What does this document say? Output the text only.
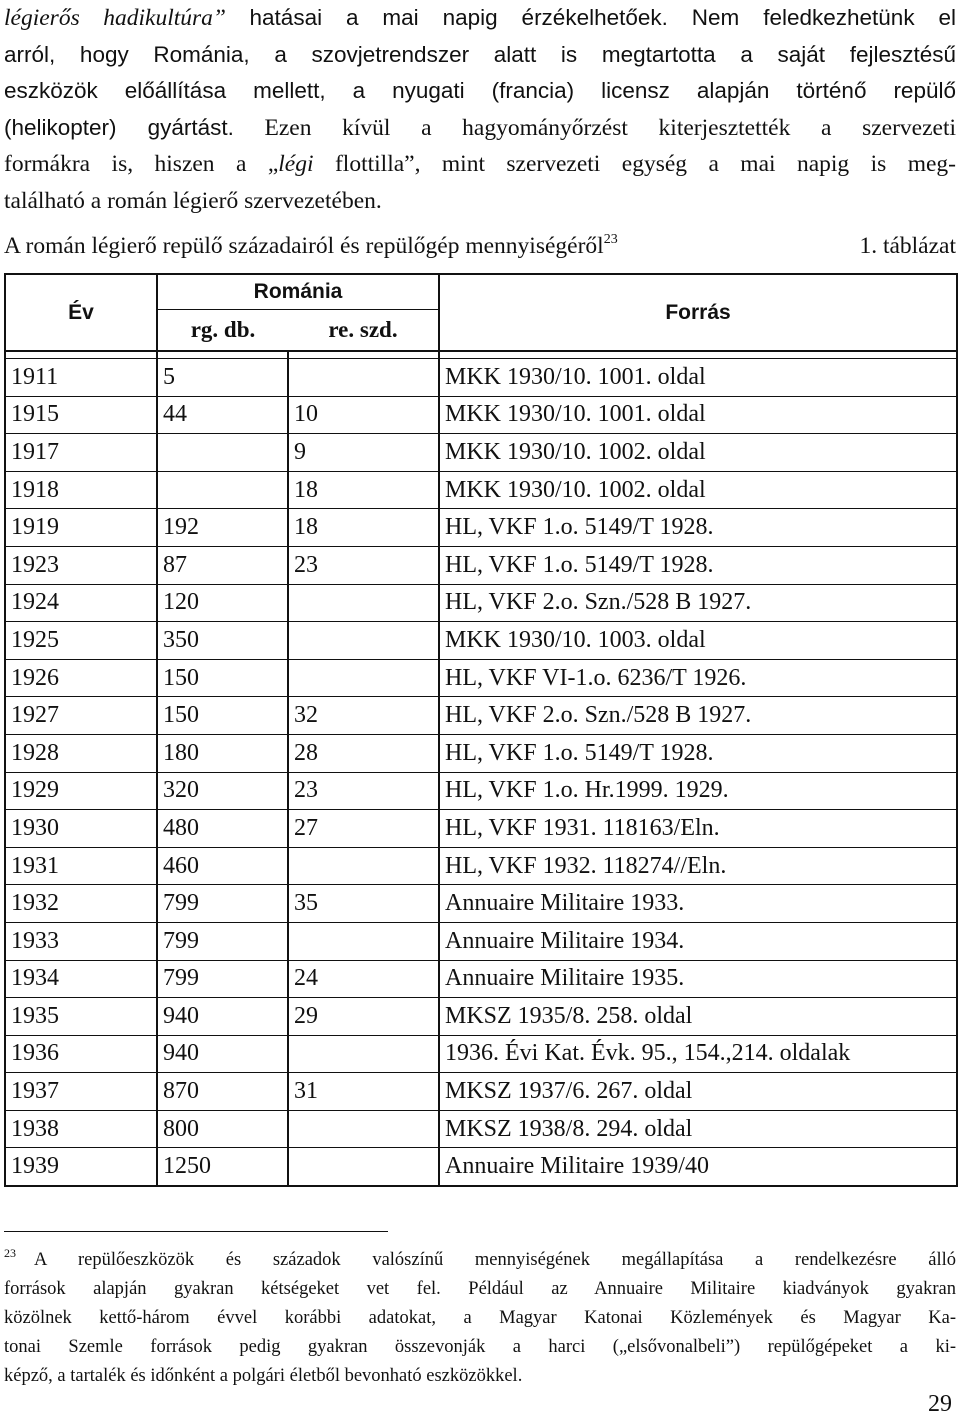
légierős hadikultúra” hatásai a mai napig érzékelhetőek. Nem feledkezhetünk el
arról, hogy Románia, a szovjetrendszer alatt is megtartotta a saját fejlesztésű
eszközök előállítása mellett, a nyugati (francia) licensz alapján történő repülő
(helikopter) gyártást. Ezen kívül a hagyományőrzést kiterjesztették a szervezeti
formákra is, hiszen a „légi flottilla”, mint szervezeti egység a mai napig is meg-
található a román légierő szervezetében.

A román légierő repülő századairól és repülőgép mennyiségéről$^{23}$	1. táblázat
Év	Románia		Forrás
	rg. db.	re. szd.	

1911	5		MKK 1930/10. 1001. oldal
1915	44	10	MKK 1930/10. 1001. oldal
1917		9	MKK 1930/10. 1002. oldal
1918		18	MKK 1930/10. 1002. oldal
1919	192	18	HL, VKF 1.o. 5149/T 1928.
1923	87	23	HL, VKF 1.o. 5149/T 1928.
1924	120		HL, VKF 2.o. Szn./528 B 1927.
1925	350		MKK 1930/10. 1003. oldal
1926	150		HL, VKF VI-1.o. 6236/T 1926.
1927	150	32	HL, VKF 2.o. Szn./528 B 1927.
1928	180	28	HL, VKF 1.o. 5149/T 1928.
1929	320	23	HL, VKF 1.o. Hr.1999. 1929.
1930	480	27	HL, VKF 1931. 118163/Eln.
1931	460		HL, VKF 1932. 118274//Eln.
1932	799	35	Annuaire Militaire 1933.
1933	799		Annuaire Militaire 1934.
1934	799	24	Annuaire Militaire 1935.
1935	940	29	MKSZ 1935/8. 258. oldal
1936	940		1936. Évi Kat. Évk. 95., 154.,214. oldalak
1937	870	31	MKSZ 1937/6. 267. oldal
1938	800		MKSZ 1938/8. 294. oldal
1939	1250		Annuaire Militaire 1939/40
$^{23}$ A repülőeszközök és századok valószínű mennyiségének megállapítása a rendelkezésre álló
források alapján gyakran kétségeket vet fel. Például az Annuaire Militaire kiadványok gyakran
közölnek kettő-három évvel korábbi adatokat, a Magyar Katonai Közlemények és Magyar Ka-
tonai Szemle források pedig gyakran összevonják a harci („elsővonalbeli”) repülőgépeket a ki-
képző, a tartalék és időnként a polgári életből bevonható eszközökkel.
29
